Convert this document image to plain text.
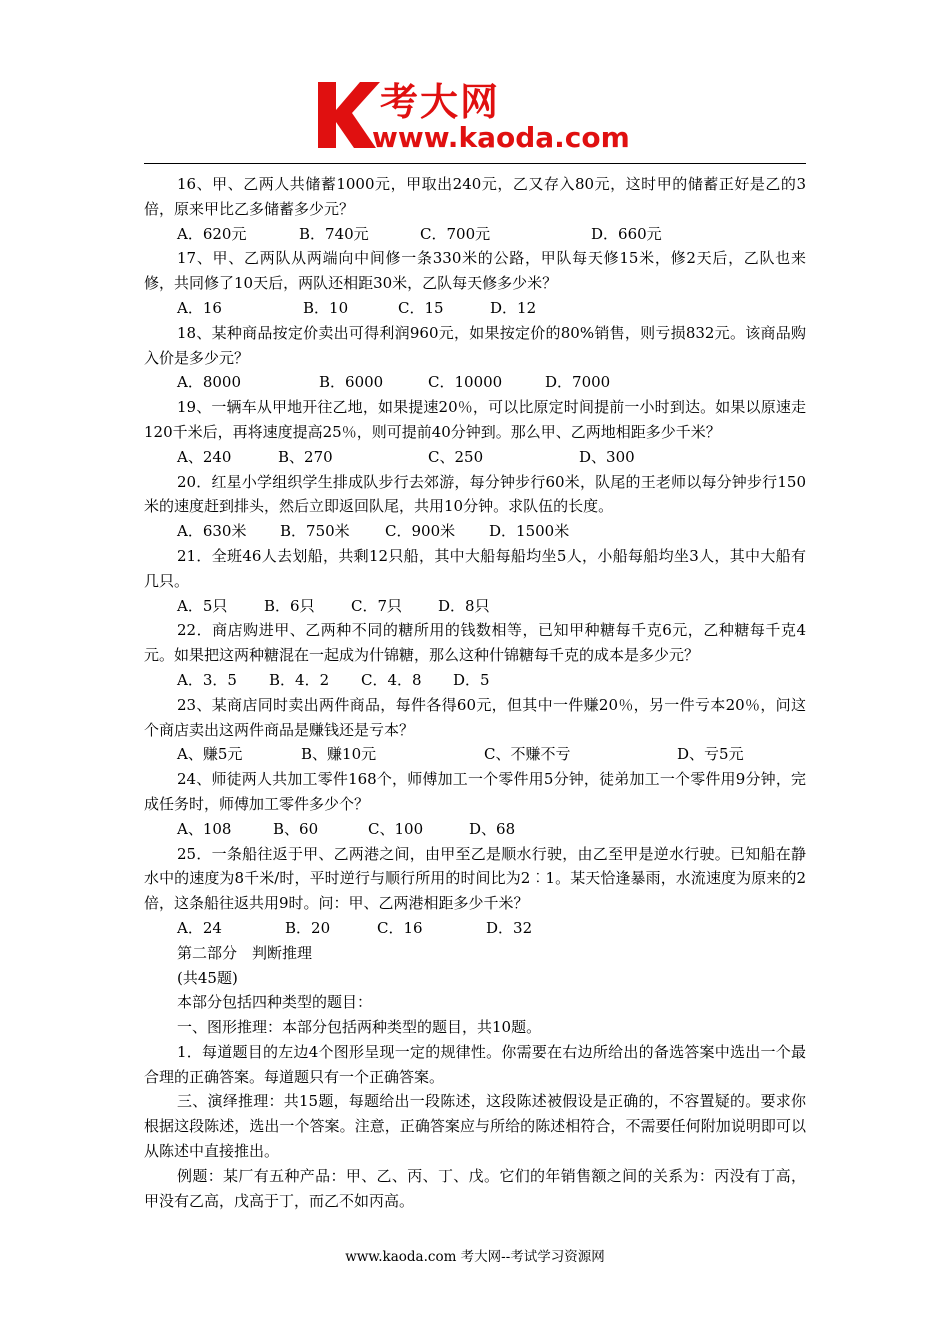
考大网
www.kaoda.com

16、甲、乙两人共储蓄1000元，甲取出240元，乙又存入80元，这时甲的储蓄正好是乙的3倍，原来甲比乙多储蓄多少元？

A．620元	B．740元	C．700元	D．660元

17、甲、乙两队从两端向中间修一条330米的公路，甲队每天修15米，修2天后，乙队也来修，共同修了10天后，两队还相距30米，乙队每天修多少米？

A．16	B．10	C．15	D．12

18、某种商品按定价卖出可得利润960元，如果按定价的80%销售，则亏损832元。该商品购入价是多少元？

A．8000	B．6000	C．10000	D．7000

19、一辆车从甲地开往乙地，如果提速20％，可以比原定时间提前一小时到达。如果以原速走120千米后，再将速度提高25％，则可提前40分钟到。那么甲、乙两地相距多少千米？

A、240	B、270	C、250	D、300

20．红星小学组织学生排成队步行去郊游，每分钟步行60米，队尾的王老师以每分钟步行150米的速度赶到排头，然后立即返回队尾，共用10分钟。求队伍的长度。

A．630米	B．750米	C．900米	D．1500米

21．全班46人去划船，共剩12只船，其中大船每船均坐5人，小船每船均坐3人，其中大船有几只。

A．5只	B．6只	C．7只	D．8只

22．商店购进甲、乙两种不同的糖所用的钱数相等，已知甲种糖每千克6元，乙种糖每千克4元。如果把这两种糖混在一起成为什锦糖，那么这种什锦糖每千克的成本是多少元？

A．3．5	B．4．2	C．4．8	D．5

23、某商店同时卖出两件商品，每件各得60元，但其中一件赚20％，另一件亏本20％，问这个商店卖出这两件商品是赚钱还是亏本？

A、赚5元	B、赚10元	C、不赚不亏	D、亏5元

24、师徒两人共加工零件168个，师傅加工一个零件用5分钟，徒弟加工一个零件用9分钟，完成任务时，师傅加工零件多少个？

A、108	B、60	C、100	D、68

25．一条船往返于甲、乙两港之间，由甲至乙是顺水行驶，由乙至甲是逆水行驶。已知船在静水中的速度为8千米/时，平时逆行与顺行所用的时间比为2︰1。某天恰逢暴雨，水流速度为原来的2倍，这条船往返共用9时。问：甲、乙两港相距多少千米？

A．24	B．20	C．16	D．32

第二部分　判断推理

(共45题)

本部分包括四种类型的题目：

一、图形推理：本部分包括两种类型的题目，共10题。

1．每道题目的左边4个图形呈现一定的规律性。你需要在右边所给出的备选答案中选出一个最合理的正确答案。每道题只有一个正确答案。

三、演绎推理：共15题，每题给出一段陈述，这段陈述被假设是正确的，不容置疑的。要求你根据这段陈述，选出一个答案。注意，正确答案应与所给的陈述相符合，不需要任何附加说明即可以从陈述中直接推出。

例题：某厂有五种产品：甲、乙、丙、丁、戊。它们的年销售额之间的关系为：丙没有丁高，甲没有乙高，戊高于丁，而乙不如丙高。

www.kaoda.com 考大网--考试学习资源网
